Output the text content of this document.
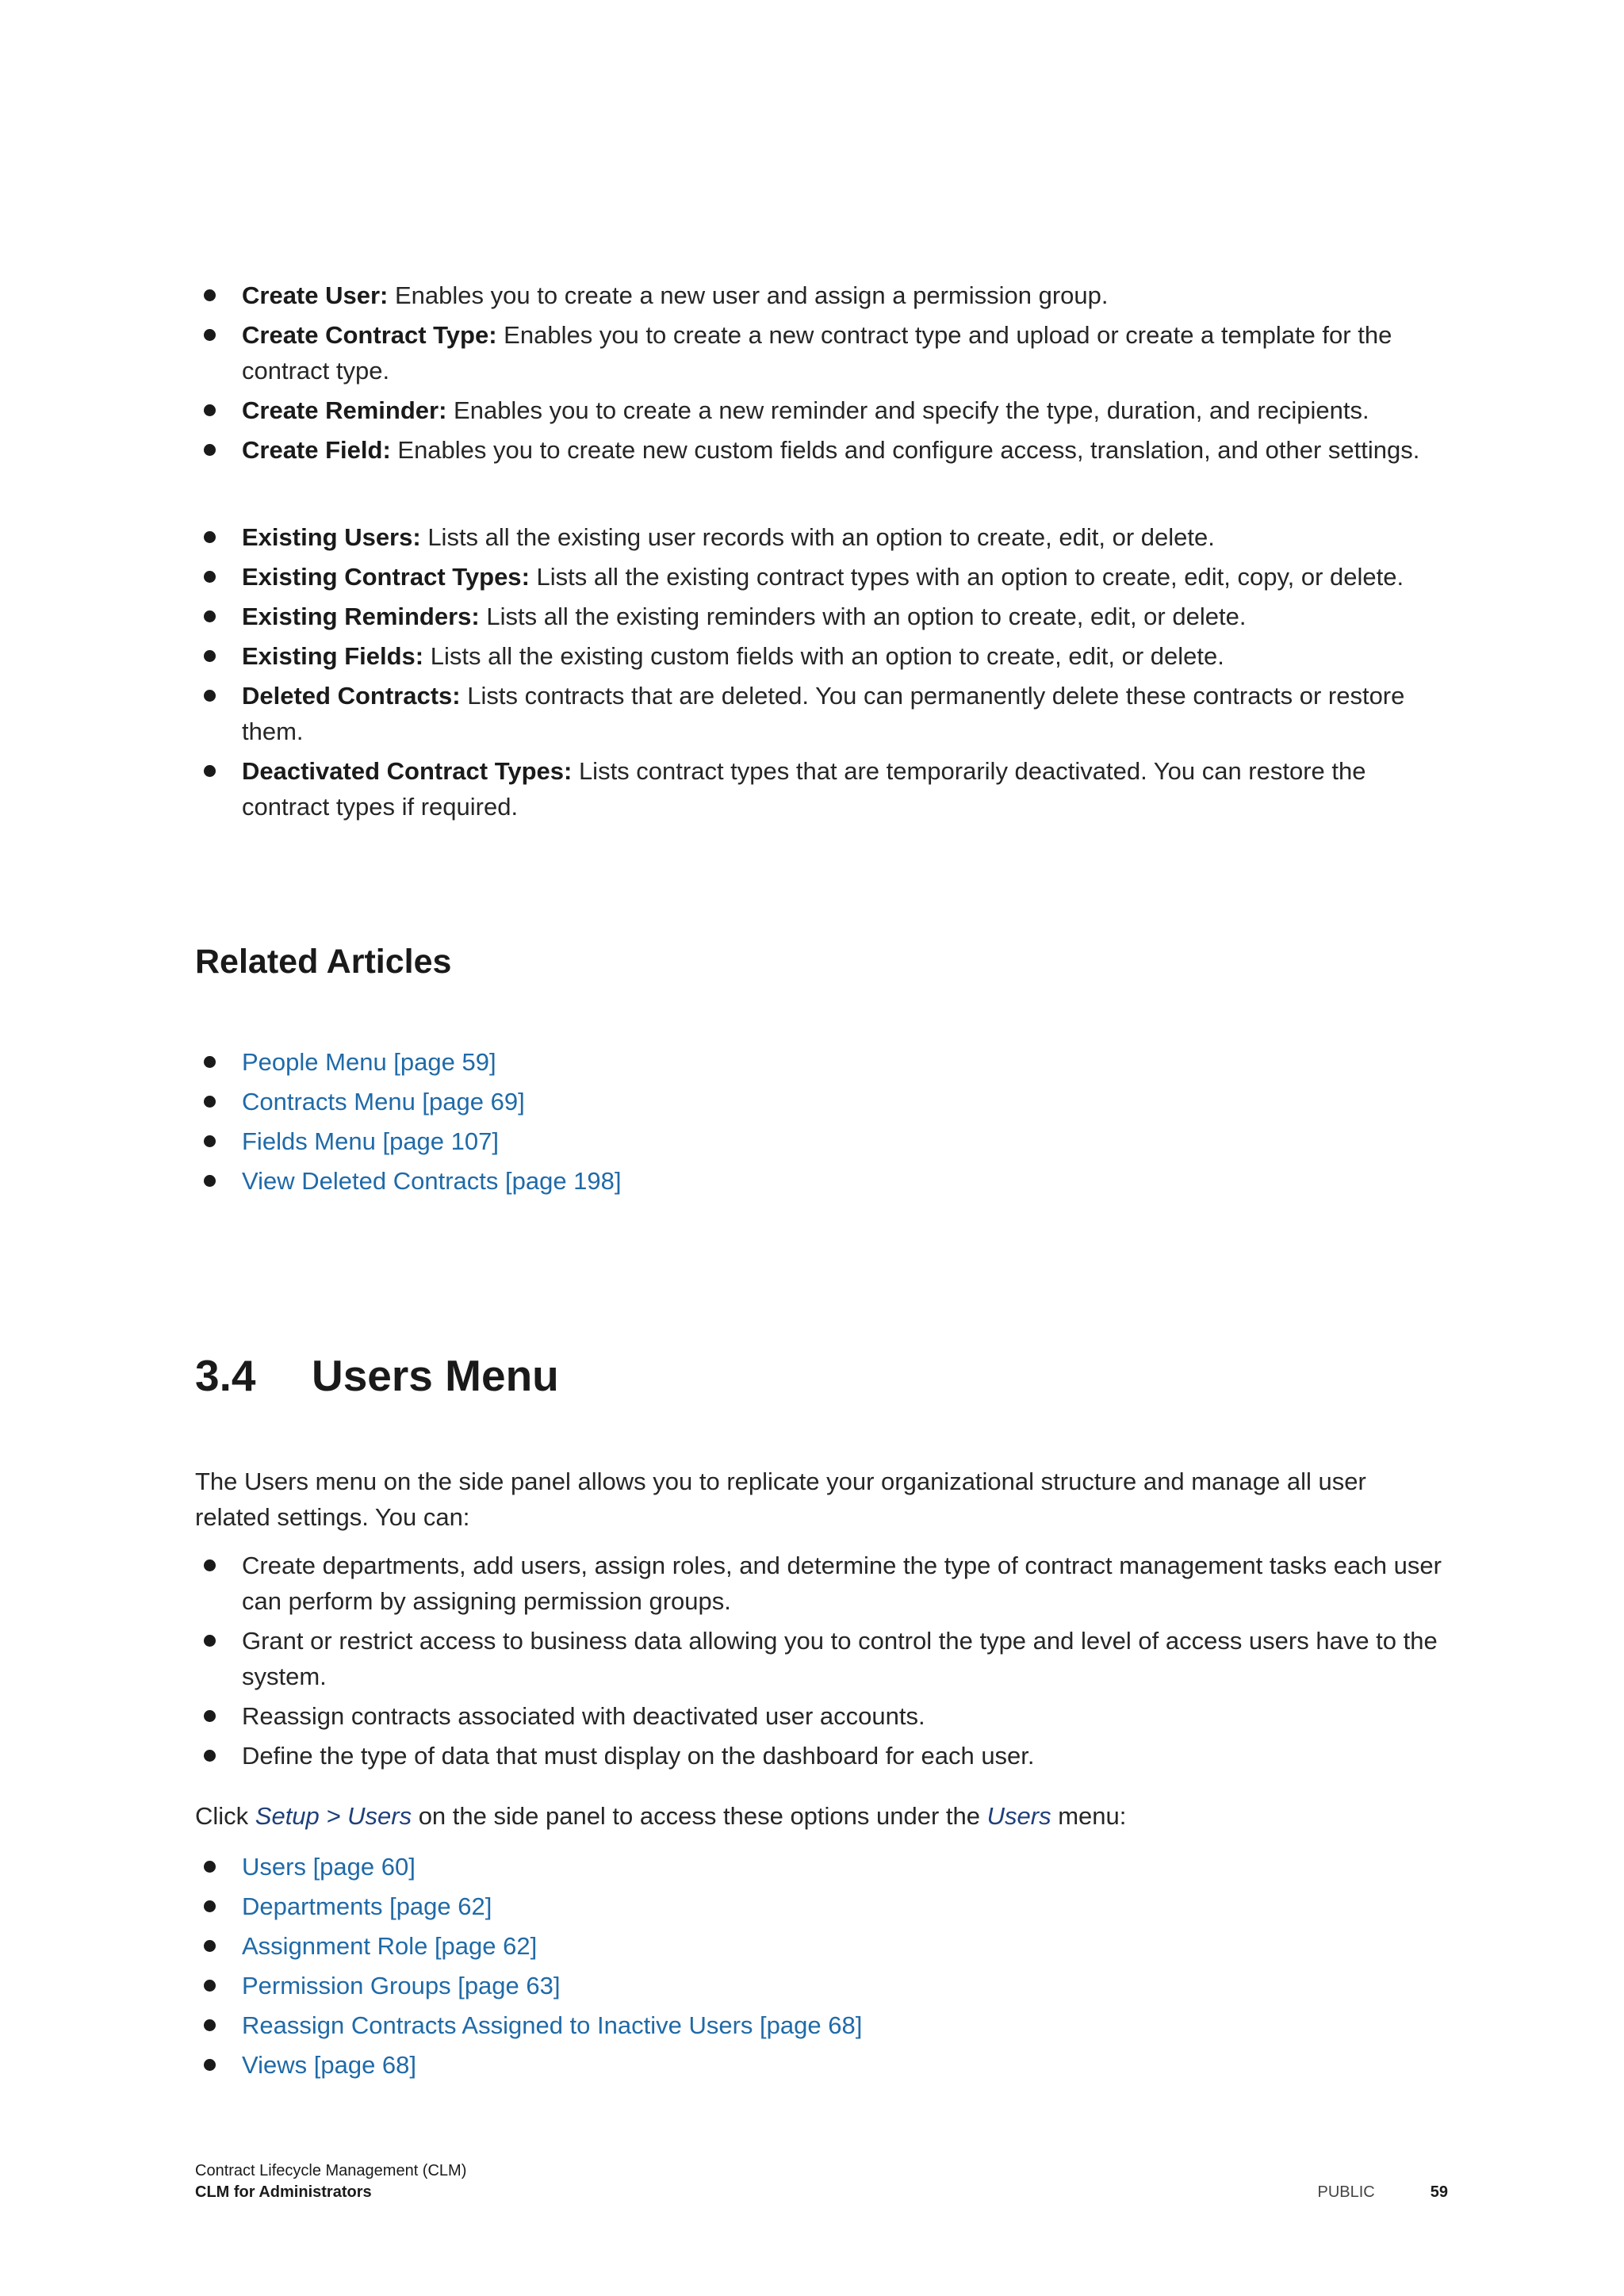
Create User: Enables you to create a new user and assign a permission group.
Create Contract Type: Enables you to create a new contract type and upload or create a template for the contract type.
Create Reminder: Enables you to create a new reminder and specify the type, duration, and recipients.
Create Field: Enables you to create new custom fields and configure access, translation, and other settings.
Existing Users: Lists all the existing user records with an option to create, edit, or delete.
Existing Contract Types: Lists all the existing contract types with an option to create, edit, copy, or delete.
Existing Reminders: Lists all the existing reminders with an option to create, edit, or delete.
Existing Fields: Lists all the existing custom fields with an option to create, edit, or delete.
Deleted Contracts: Lists contracts that are deleted. You can permanently delete these contracts or restore them.
Deactivated Contract Types: Lists contract types that are temporarily deactivated. You can restore the contract types if required.
Related Articles
People Menu [page 59]
Contracts Menu [page 69]
Fields Menu [page 107]
View Deleted Contracts [page 198]
3.4 Users Menu

The Users menu on the side panel allows you to replicate your organizational structure and manage all user related settings. You can:

Create departments, add users, assign roles, and determine the type of contract management tasks each user can perform by assigning permission groups.
Grant or restrict access to business data allowing you to control the type and level of access users have to the system.
Reassign contracts associated with deactivated user accounts.
Define the type of data that must display on the dashboard for each user.

Click Setup > Users on the side panel to access these options under the Users menu:

Users [page 60]
Departments [page 62]
Assignment Role [page 62]
Permission Groups [page 63]
Reassign Contracts Assigned to Inactive Users [page 68]
Views [page 68]
Contract Lifecycle Management (CLM)
CLM for Administrators	PUBLIC	59
